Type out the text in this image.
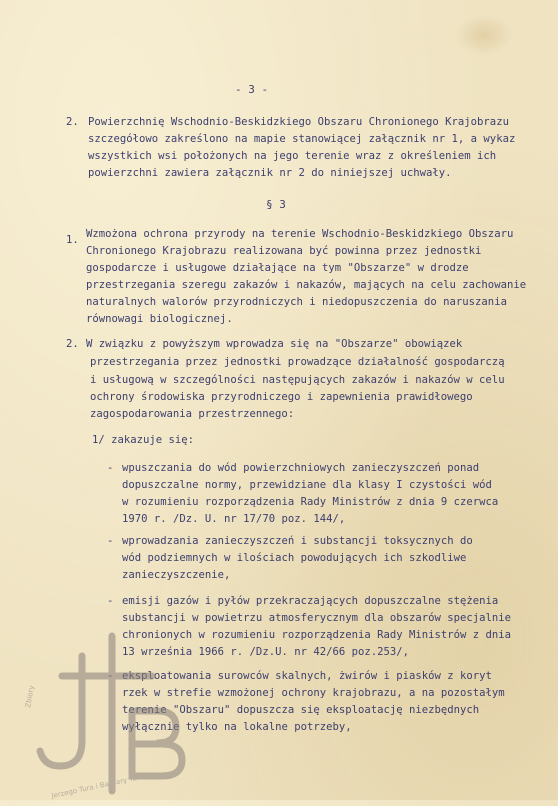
- 3 -
2. Powierzchnię Wschodnio-Beskidzkiego Obszaru Chronionego Krajobrazu
szczegółowo zakreślono na mapie stanowiącej załącznik nr 1, a wykaz
wszystkich wsi położonych na jego terenie wraz z określeniem ich
powierzchni zawiera załącznik nr 2 do niniejszej uchwały.
§ 3
1. Wzmożona ochrona przyrody na terenie Wschodnio-Beskidzkiego Obszaru
Chronionego Krajobrazu realizowana być powinna przez jednostki
gospodarcze i usługowe działające na tym "Obszarze" w drodze
przestrzegania szeregu zakazów i nakazów, mających na celu zachowanie
naturalnych walorów przyrodniczych i niedopuszczenia do naruszania
równowagi biologicznej.
2. W związku z powyższym wprowadza się na "Obszarze" obowiązek
przestrzegania przez jednostki prowadzące działalność gospodarczą
i usługową w szczególności następujących zakazów i nakazów w celu
ochrony środowiska przyrodniczego i zapewnienia prawidłowego
zagospodarowania przestrzennego:
1/ zakazuje się:
- wpuszczania do wód powierzchniowych zanieczyszczeń ponad
dopuszczalne normy, przewidziane dla klasy I czystości wód
w rozumieniu rozporządzenia Rady Ministrów z dnia 9 czerwca
1970 r. /Dz. U. nr 17/70 poz. 144/,
- wprowadzania zanieczyszczeń i substancji toksycznych do
wód podziemnych w ilościach powodujących ich szkodliwe
zanieczyszczenie,
- emisji gazów i pyłów przekraczających dopuszczalne stężenia
substancji w powietrzu atmosferycznym dla obszarów specjalnie
chronionych w rozumieniu rozporządzenia Rady Ministrów z dnia
13 września 1966 r. /Dz.U. nr 42/66 poz.253/,
- eksploatowania surowców skalnych, żwirów i piasków z koryt
rzek w strefie wzmożonej ochrony krajobrazu, a na pozostałym
terenie "Obszaru" dopuszcza się eksploatację niezbędnych
wyłącznie tylko na lokalne potrzeby,
Zbiory
Jerzego Tura i Barbary Tur
